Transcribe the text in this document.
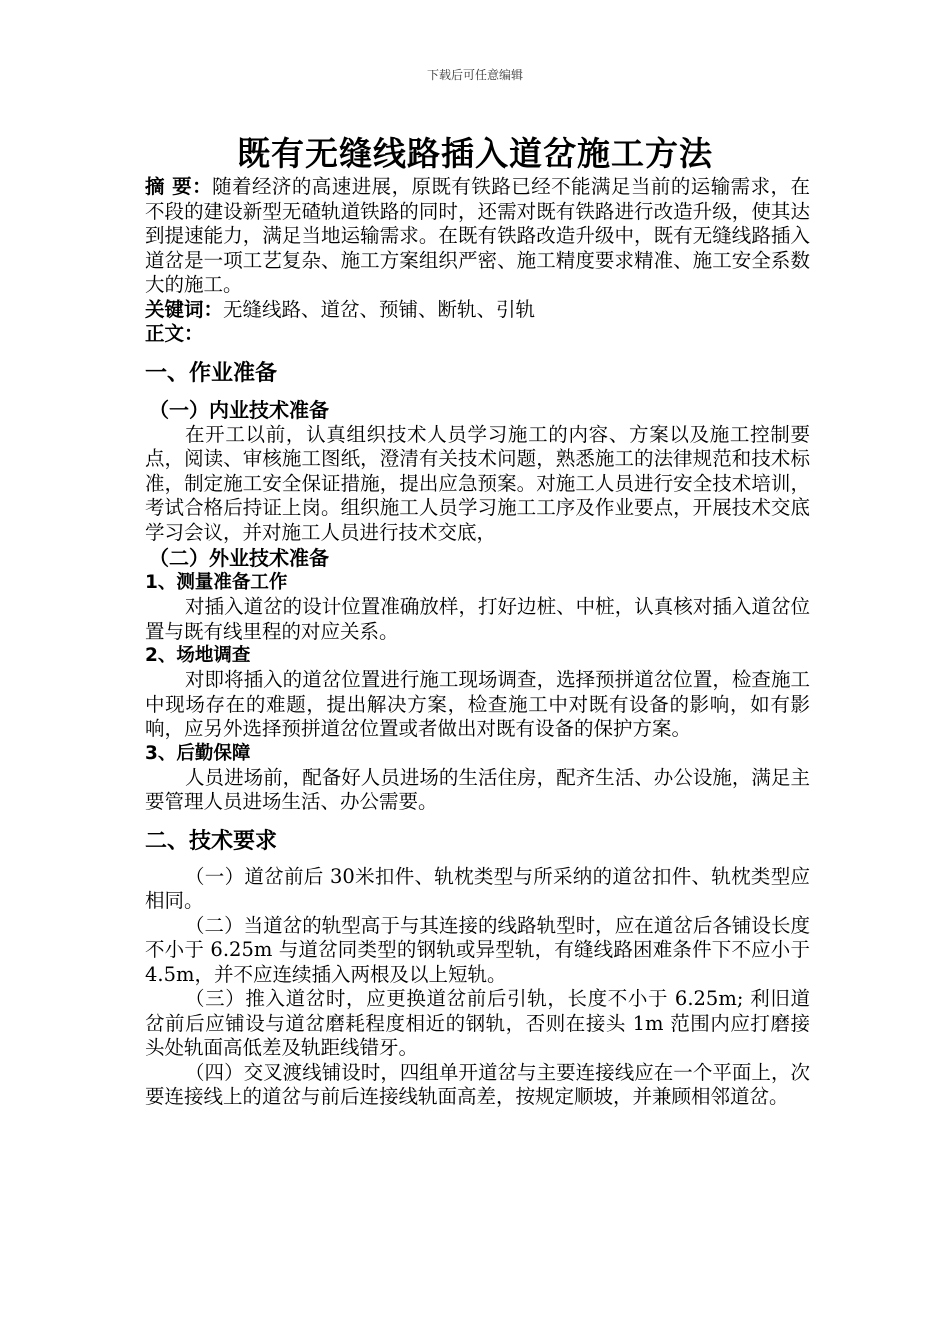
下载后可任意编辑
既有无缝线路插入道岔施工方法

摘 要：随着经济的高速进展，原既有铁路已经不能满足当前的运输需求，在不段的建设新型无碴轨道铁路的同时，还需对既有铁路进行改造升级，使其达到提速能力，满足当地运输需求。在既有铁路改造升级中，既有无缝线路插入道岔是一项工艺复杂、施工方案组织严密、施工精度要求精准、施工安全系数大的施工。

关键词：无缝线路、道岔、预铺、断轨、引轨

正文：

一、作业准备
（一）内业技术准备

在开工以前，认真组织技术人员学习施工的内容、方案以及施工控制要点，阅读、审核施工图纸，澄清有关技术问题，熟悉施工的法律规范和技术标准，制定施工安全保证措施，提出应急预案。对施工人员进行安全技术培训，考试合格后持证上岗。组织施工人员学习施工工序及作业要点，开展技术交底学习会议，并对施工人员进行技术交底，

（二）外业技术准备
1、测量准备工作

对插入道岔的设计位置准确放样，打好边桩、中桩，认真核对插入道岔位置与既有线里程的对应关系。

2、场地调查

对即将插入的道岔位置进行施工现场调查，选择预拼道岔位置，检查施工中现场存在的难题，提出解决方案，检查施工中对既有设备的影响，如有影响，应另外选择预拼道岔位置或者做出对既有设备的保护方案。

3、后勤保障

人员进场前，配备好人员进场的生活住房，配齐生活、办公设施，满足主要管理人员进场生活、办公需要。

二、技术要求

（一）道岔前后 30米扣件、轨枕类型与所采纳的道岔扣件、轨枕类型应相同。

（二）当道岔的轨型高于与其连接的线路轨型时，应在道岔后各铺设长度不小于 6.25m 与道岔同类型的钢轨或异型轨，有缝线路困难条件下不应小于 4.5m，并不应连续插入两根及以上短轨。

（三）推入道岔时，应更换道岔前后引轨，长度不小于 6.25m; 利旧道岔前后应铺设与道岔磨耗程度相近的钢轨，否则在接头 1m 范围内应打磨接头处轨面高低差及轨距线错牙。

（四）交叉渡线铺设时，四组单开道岔与主要连接线应在一个平面上，次要连接线上的道岔与前后连接线轨面高差，按规定顺坡，并兼顾相邻道岔。
